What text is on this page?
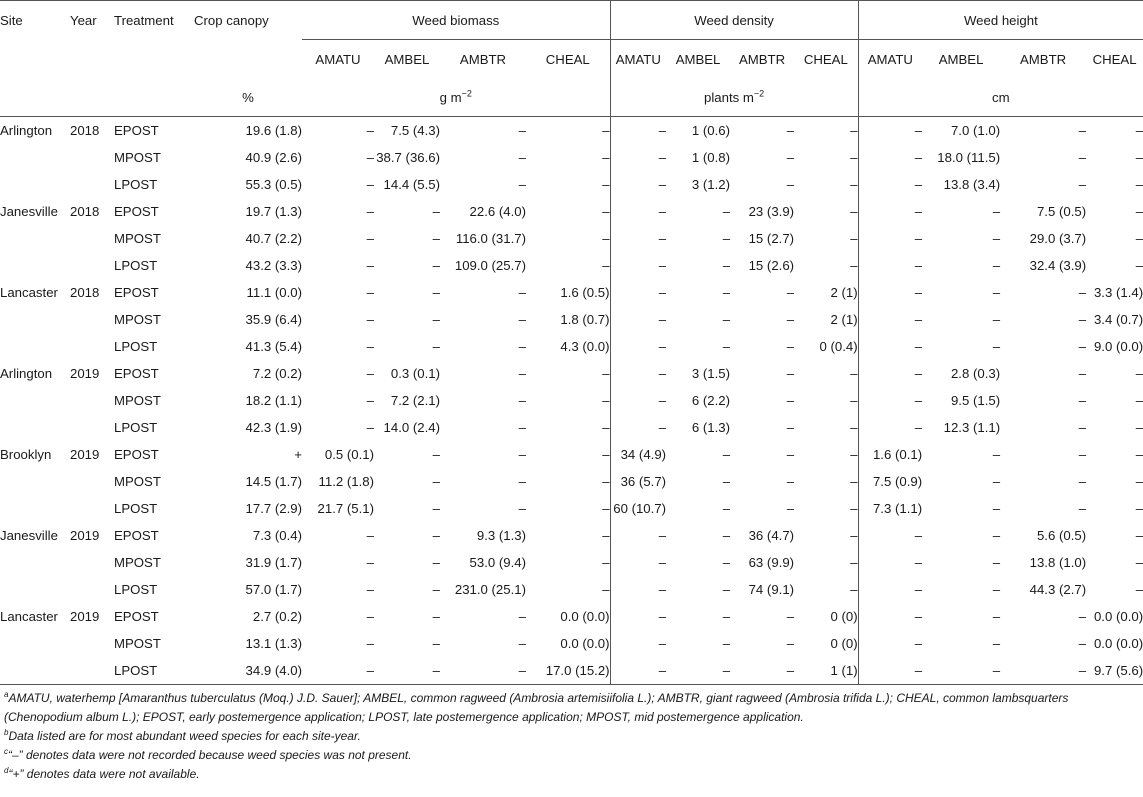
Site	Year	Treatment	Crop canopy	Weed biomass				Weed density				Weed height			
				AMATU	AMBEL	AMBTR	CHEAL	AMATU	AMBEL	AMBTR	CHEAL	AMATU	AMBEL	AMBTR	CHEAL
			%	g $m^{-2}$				plants $m^{-2}$				cm			
Arlington	2018	EPOST	19.6 (1.8)	–	7.5 (4.3)	–	–	–	1 (0.6)	–	–	–	7.0 (1.0)	–	–
		MPOST	40.9 (2.6)	–	38.7 (36.6)	–	–	–	1 (0.8)	–	–	–	18.0 (11.5)	–	–
		LPOST	55.3 (0.5)	–	14.4 (5.5)	–	–	–	3 (1.2)	–	–	–	13.8 (3.4)	–	–
Janesville	2018	EPOST	19.7 (1.3)	–	–	22.6 (4.0)	–	–	–	23 (3.9)	–	–	–	7.5 (0.5)	–
		MPOST	40.7 (2.2)	–	–	116.0 (31.7)	–	–	–	15 (2.7)	–	–	–	29.0 (3.7)	–
		LPOST	43.2 (3.3)	–	–	109.0 (25.7)	–	–	–	15 (2.6)	–	–	–	32.4 (3.9)	–
Lancaster	2018	EPOST	11.1 (0.0)	–	–	–	1.6 (0.5)	–	–	–	2 (1)	–	–	–	3.3 (1.4)
		MPOST	35.9 (6.4)	–	–	–	1.8 (0.7)	–	–	–	2 (1)	–	–	–	3.4 (0.7)
		LPOST	41.3 (5.4)	–	–	–	4.3 (0.0)	–	–	–	0 (0.4)	–	–	–	9.0 (0.0)
Arlington	2019	EPOST	7.2 (0.2)	–	0.3 (0.1)	–	–	–	3 (1.5)	–	–	–	2.8 (0.3)	–	–
		MPOST	18.2 (1.1)	–	7.2 (2.1)	–	–	–	6 (2.2)	–	–	–	9.5 (1.5)	–	–
		LPOST	42.3 (1.9)	–	14.0 (2.4)	–	–	–	6 (1.3)	–	–	–	12.3 (1.1)	–	–
Brooklyn	2019	EPOST	+	0.5 (0.1)	–	–	–	34 (4.9)	–	–	–	1.6 (0.1)	–	–	–
		MPOST	14.5 (1.7)	11.2 (1.8)	–	–	–	36 (5.7)	–	–	–	7.5 (0.9)	–	–	–
		LPOST	17.7 (2.9)	21.7 (5.1)	–	–	–	60 (10.7)	–	–	–	7.3 (1.1)	–	–	–
Janesville	2019	EPOST	7.3 (0.4)	–	–	9.3 (1.3)	–	–	–	36 (4.7)	–	–	–	5.6 (0.5)	–
		MPOST	31.9 (1.7)	–	–	53.0 (9.4)	–	–	–	63 (9.9)	–	–	–	13.8 (1.0)	–
		LPOST	57.0 (1.7)	–	–	231.0 (25.1)	–	–	–	74 (9.1)	–	–	–	44.3 (2.7)	–
Lancaster	2019	EPOST	2.7 (0.2)	–	–	–	0.0 (0.0)	–	–	–	0 (0)	–	–	–	0.0 (0.0)
		MPOST	13.1 (1.3)	–	–	–	0.0 (0.0)	–	–	–	0 (0)	–	–	–	0.0 (0.0)
		LPOST	34.9 (4.0)	–	–	–	17.0 (15.2)	–	–	–	1 (1)	–	–	–	9.7 (5.6)

$^a$AMATU, waterhemp [Amaranthus tuberculatus (Moq.) J.D. Sauer]; AMBEL, common ragweed (Ambrosia artemisiifolia L.); AMBTR, giant ragweed (Ambrosia trifida L.); CHEAL, common lambsquarters (Chenopodium album L.); EPOST, early postemergence application; LPOST, late postemergence application; MPOST, mid postemergence application.

$^b$Data listed are for most abundant weed species for each site-year.

$^c$“–” denotes data were not recorded because weed species was not present.

$^d$“+” denotes data were not available.
